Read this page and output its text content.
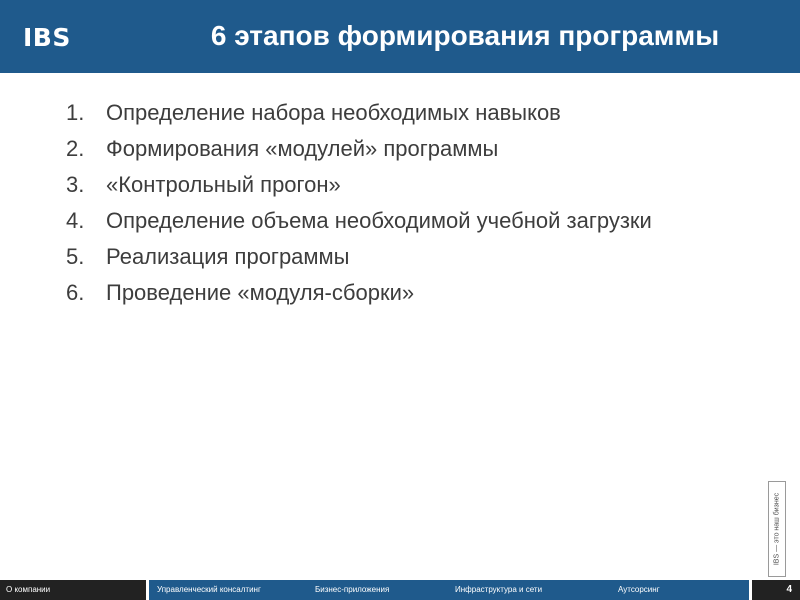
IBS	6 этапов формирования программы
1. Определение набора необходимых навыков
2. Формирования «модулей» программы
3. «Контрольный прогон»
4. Определение объема необходимой учебной загрузки
5. Реализация программы
6. Проведение «модуля-сборки»
IBS — это наш бизнес
О компании	Управленческий консалтинг	Бизнес-приложения	Инфраструктура и сети	Аутсорсинг	4
